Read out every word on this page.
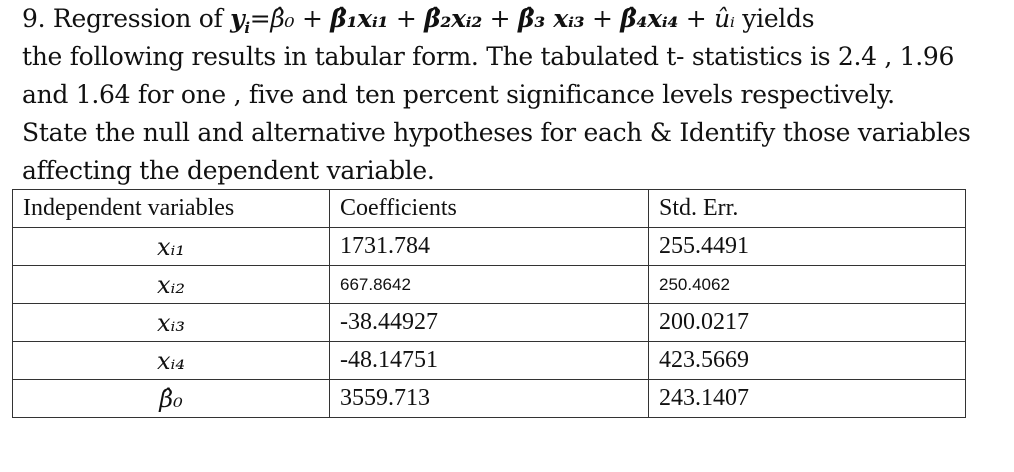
9. Regression of $y_i=\betâ_0$ + β̂₁xᵢ₁ + β̂₂xᵢ₂ + β̂₃ xᵢ₃ + β̂₄xᵢ₄ + ûᵢ yields
the following results in tabular form. The tabulated t- statistics is 2.4 , 1.96
and 1.64 for one , five and ten percent significance levels respectively.
State the null and alternative hypotheses for each & Identify those variables
affecting the dependent variable.
Independent variables	Coefficients	Std. Err.
xᵢ₁	1731.784	255.4491
xᵢ₂	667.8642	250.4062
xᵢ₃	-38.44927	200.0217
xᵢ₄	-48.14751	423.5669
β̂₀	3559.713	243.1407
